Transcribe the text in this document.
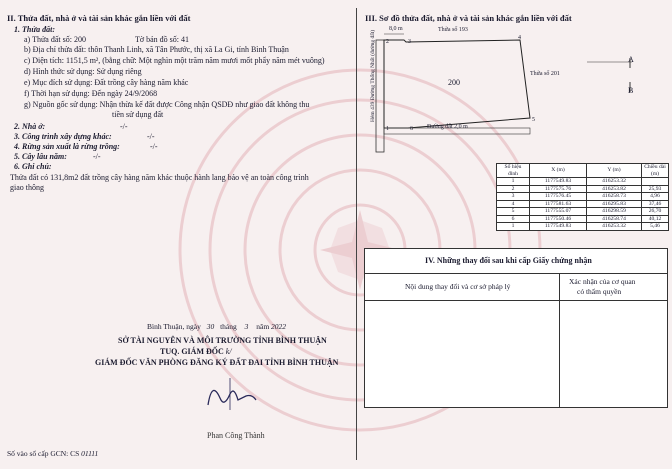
II. Thửa đất, nhà ở và tài sản khác gắn liền với đất
1. Thửa đất:
a) Thửa đất số: 200	Tờ bản đồ số: 41
b) Địa chỉ thửa đất: thôn Thanh Linh, xã Tân Phước, thị xã La Gi, tỉnh Bình Thuận
c) Diện tích: 1151,5 m², (bằng chữ: Một nghìn một trăm năm mươi mốt phẩy năm mét vuông)
d) Hình thức sử dụng: Sử dụng riêng
e) Mục đích sử dụng: Đất trồng cây hàng năm khác
f) Thời hạn sử dụng: Đến ngày 24/9/2068
g) Nguồn gốc sử dụng: Nhận thừa kế đất được Công nhận QSDĐ như giao đất không thu
tiền sử dụng đất
2. Nhà ở:	-/-
3. Công trình xây dựng khác:	-/-
4. Rừng sản xuất là rừng trồng:	-/-
5. Cây lâu năm:	-/-
6. Ghi chú:
Thửa đất có 131,8m2 đất trồng cây hàng năm khác thuộc hành lang bảo vệ an toàn công trình
giao thông
Bình Thuận, ngày 30 tháng 3 năm 2022
SỞ TÀI NGUYÊN VÀ MÔI TRƯỜNG TỈNH BÌNH THUẬN
TUQ. GIÁM ĐỐC k/
GIÁM ĐỐC VĂN PHÒNG ĐĂNG KÝ ĐẤT ĐAI TỈNH BÌNH THUẬN
Phan Công Thành
Số vào sổ cấp GCN: CS 01111
III. Sơ đồ thửa đất, nhà ở và tài sản khác gắn liền với đất
8,0 m	Thửa số 193
Thửa số 201
Hẻm 439 Đường Thống Nhất (đường đất)
Đường đất 2,0 m
200
A
B
1
2	3
4
5
6
Số hiệu đỉnh	X (m)	Y (m)	Chiều dài (m)
1	1177549.83	416253.32	
2	1177575.76	416253.82	25,93
3	1177576.45	416258.73	4,96
4	1177581.63	416295.83	37,46
5	1177555.07	416298.59	26,70
6	1177550.46	416258.74	40,12
1	1177549.83	416253.32	5,46
IV. Những thay đổi sau khi cấp Giấy chứng nhận
Nội dung thay đổi và cơ sở pháp lý
Xác nhận của cơ quan
có thẩm quyền
